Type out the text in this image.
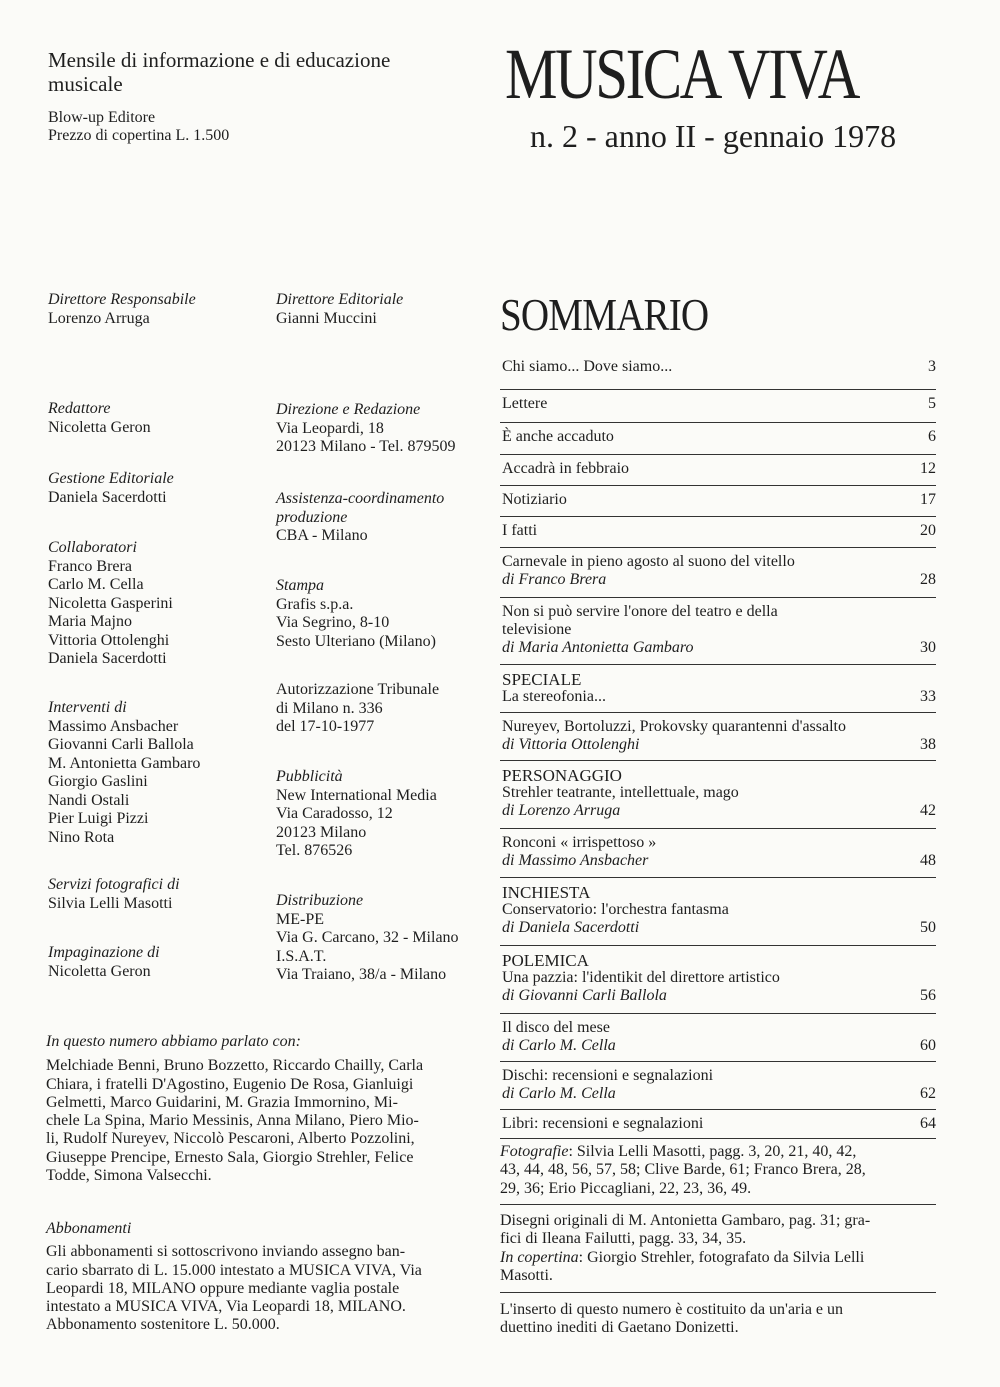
Mensile di informazione e di educazione
musicale
Blow-up Editore
Prezzo di copertina L. 1.500
MUSICA VIVA
n. 2 - anno II - gennaio 1978
Direttore Responsabile
Lorenzo Arruga
Redattore
Nicoletta Geron
Gestione Editoriale
Daniela Sacerdotti
Collaboratori
Franco Brera
Carlo M. Cella
Nicoletta Gasperini
Maria Majno
Vittoria Ottolenghi
Daniela Sacerdotti
Interventi di
Massimo Ansbacher
Giovanni Carli Ballola
M. Antonietta Gambaro
Giorgio Gaslini
Nandi Ostali
Pier Luigi Pizzi
Nino Rota
Servizi fotografici di
Silvia Lelli Masotti
Impaginazione di
Nicoletta Geron
Direttore Editoriale
Gianni Muccini
Direzione e Redazione
Via Leopardi, 18
20123 Milano - Tel. 879509
Assistenza-coordinamento
produzione
CBA - Milano
Stampa
Grafis s.p.a.
Via Segrino, 8-10
Sesto Ulteriano (Milano)
Autorizzazione Tribunale
di Milano n. 336
del 17-10-1977
Pubblicità
New International Media
Via Caradosso, 12
20123 Milano
Tel. 876526
Distribuzione
ME-PE
Via G. Carcano, 32 - Milano
I.S.A.T.
Via Traiano, 38/a - Milano
SOMMARIO
Chi siamo... Dove siamo...	3
Lettere	5
È anche accaduto	6
Accadrà in febbraio	12
Notiziario	17
I fatti	20
Carnevale in pieno agosto al suono del vitello
di Franco Brera	28
Non si può servire l'onore del teatro e della
televisione
di Maria Antonietta Gambaro	30
SPECIALE
La stereofonia...	33
Nureyev, Bortoluzzi, Prokovsky quarantenni d'assalto
di Vittoria Ottolenghi	38
PERSONAGGIO
Strehler teatrante, intellettuale, mago
di Lorenzo Arruga	42
Ronconi « irrispettoso »
di Massimo Ansbacher	48
INCHIESTA
Conservatorio: l'orchestra fantasma
di Daniela Sacerdotti	50
POLEMICA
Una pazzia: l'identikit del direttore artistico
di Giovanni Carli Ballola	56
Il disco del mese
di Carlo M. Cella	60
Dischi: recensioni e segnalazioni
di Carlo M. Cella	62
Libri: recensioni e segnalazioni	64
In questo numero abbiamo parlato con:
Melchiade Benni, Bruno Bozzetto, Riccardo Chailly, Carla
Chiara, i fratelli D'Agostino, Eugenio De Rosa, Gianluigi
Gelmetti, Marco Guidarini, M. Grazia Immornino, Mi-
chele La Spina, Mario Messinis, Anna Milano, Piero Mio-
li, Rudolf Nureyev, Niccolò Pescaroni, Alberto Pozzolini,
Giuseppe Prencipe, Ernesto Sala, Giorgio Strehler, Felice
Todde, Simona Valsecchi.
Abbonamenti
Gli abbonamenti si sottoscrivono inviando assegno ban-
cario sbarrato di L. 15.000 intestato a MUSICA VIVA, Via
Leopardi 18, MILANO oppure mediante vaglia postale
intestato a MUSICA VIVA, Via Leopardi 18, MILANO.
Abbonamento sostenitore L. 50.000.
Fotografie: Silvia Lelli Masotti, pagg. 3, 20, 21, 40, 42,
43, 44, 48, 56, 57, 58; Clive Barde, 61; Franco Brera, 28,
29, 36; Erio Piccagliani, 22, 23, 36, 49.
Disegni originali di M. Antonietta Gambaro, pag. 31; gra-
fici di Ileana Failutti, pagg. 33, 34, 35.
In copertina: Giorgio Strehler, fotografato da Silvia Lelli
Masotti.
L'inserto di questo numero è costituito da un'aria e un
duettino inediti di Gaetano Donizetti.
